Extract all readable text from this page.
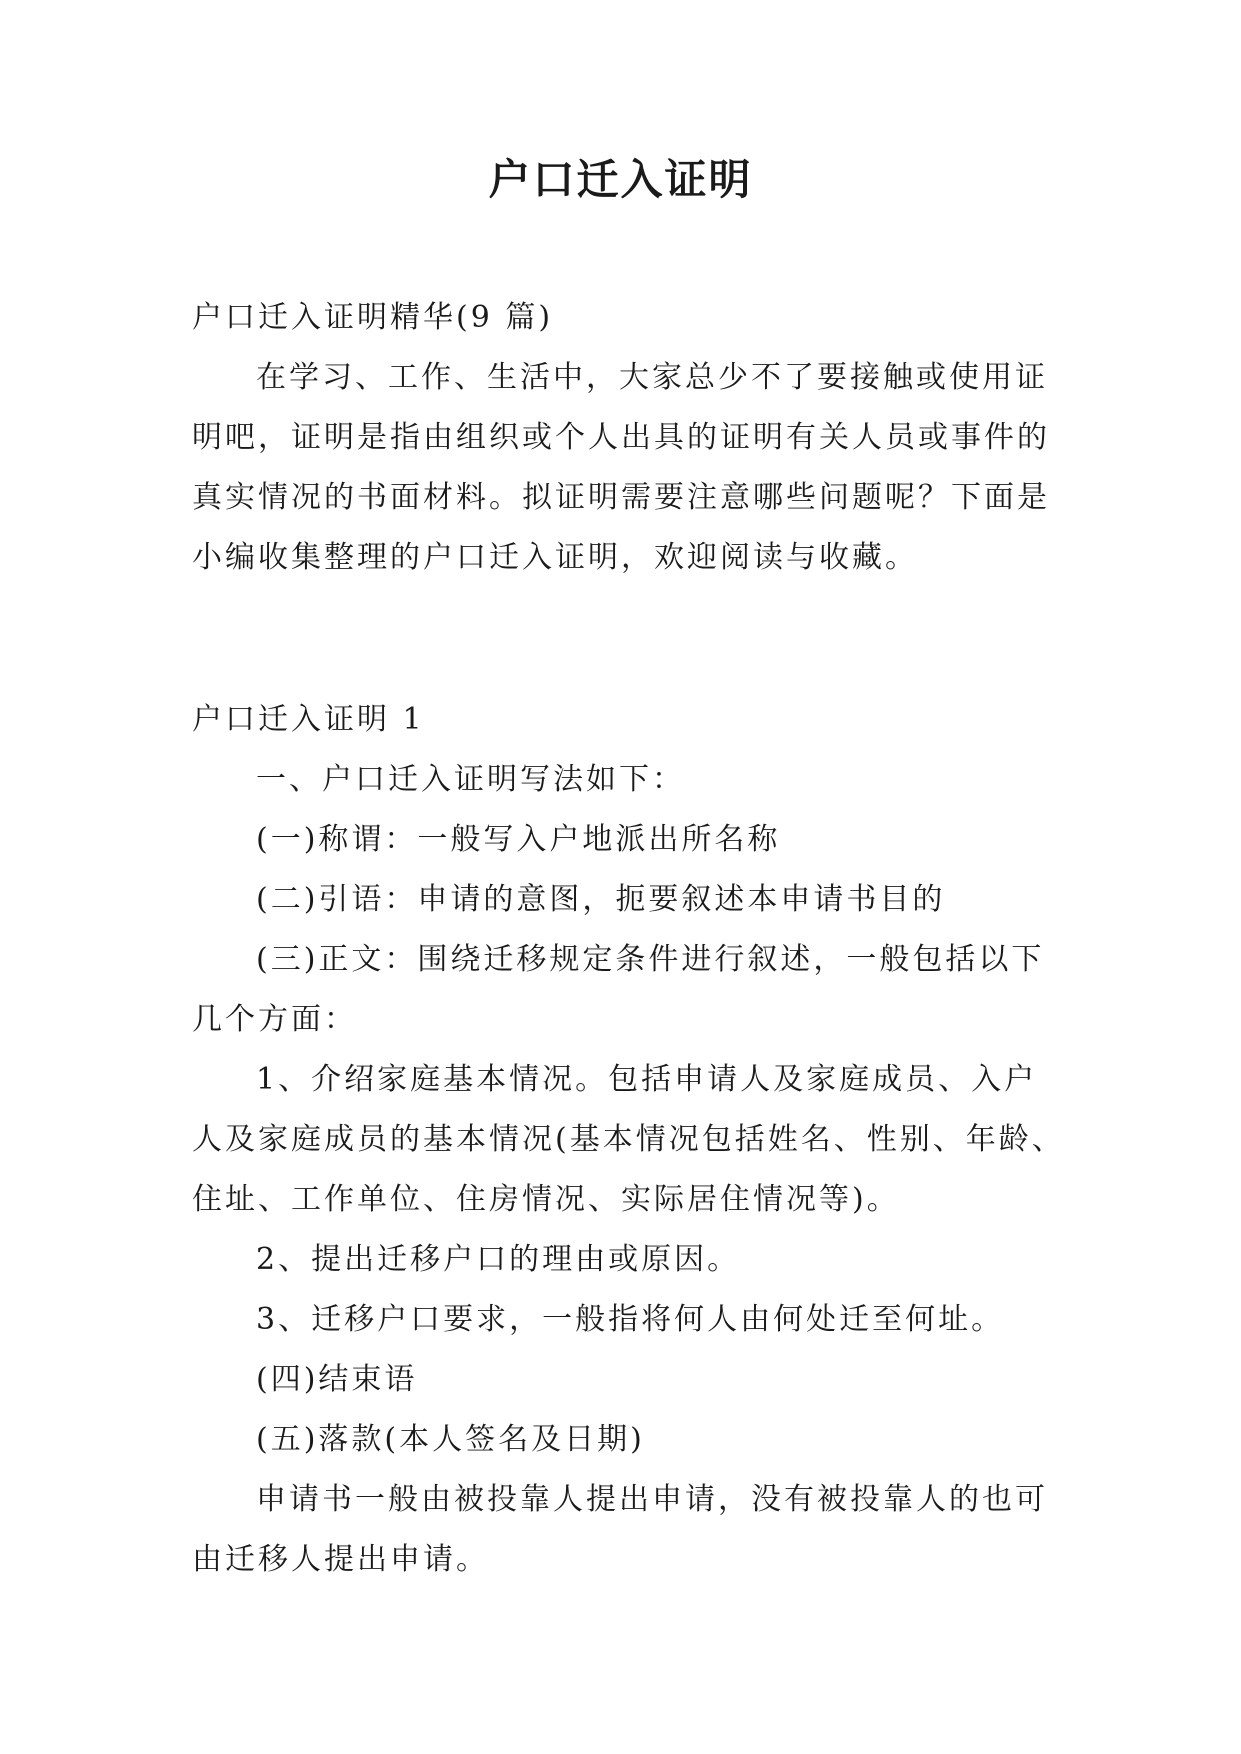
户口迁入证明
户口迁入证明精华(9 篇)
在学习、工作、生活中，大家总少不了要接触或使用证
明吧，证明是指由组织或个人出具的证明有关人员或事件的
真实情况的书面材料。拟证明需要注意哪些问题呢？下面是
小编收集整理的户口迁入证明，欢迎阅读与收藏。
户口迁入证明 1
一、户口迁入证明写法如下：
(一)称谓：一般写入户地派出所名称
(二)引语：申请的意图，扼要叙述本申请书目的
(三)正文：围绕迁移规定条件进行叙述，一般包括以下
几个方面：
1、介绍家庭基本情况。包括申请人及家庭成员、入户
人及家庭成员的基本情况(基本情况包括姓名、性别、年龄、
住址、工作单位、住房情况、实际居住情况等)。
2、提出迁移户口的理由或原因。
3、迁移户口要求，一般指将何人由何处迁至何址。
(四)结束语
(五)落款(本人签名及日期)
申请书一般由被投靠人提出申请，没有被投靠人的也可
由迁移人提出申请。
